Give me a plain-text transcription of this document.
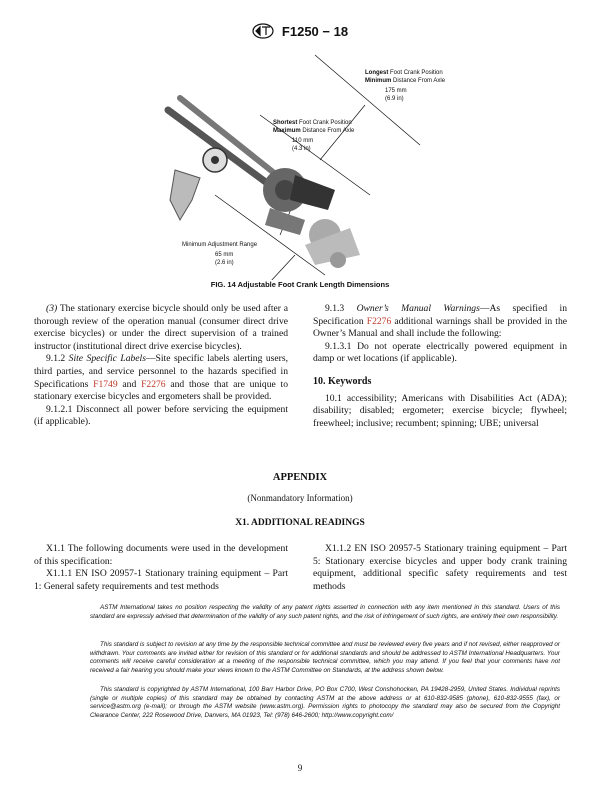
F1250 − 18
Longest Foot Crank Position
Minimum Distance From Axle
175 mm
(6.9 in)
Shortest Foot Crank Position
Maximum Distance From Axle
110 mm
(4.3 in)
Minimum Adjustment Range
65 mm
(2.6 in)
FIG. 14 Adjustable Foot Crank Length Dimensions

(3) The stationary exercise bicycle should only be used after a thorough review of the operation manual (consumer direct drive exercise bicycles) or under the direct supervision of a trained instructor (institutional direct drive exercise bicycles).

9.1.2 Site Specific Labels—Site specific labels alerting users, third parties, and service personnel to the hazards specified in Specifications F1749 and F2276 and those that are unique to stationary exercise bicycles and ergometers shall be provided.

9.1.2.1 Disconnect all power before servicing the equipment (if applicable).

9.1.3 Owner’s Manual Warnings—As specified in Specification F2276 additional warnings shall be provided in the Owner’s Manual and shall include the following:

9.1.3.1 Do not operate electrically powered equipment in damp or wet locations (if applicable).

10. Keywords

10.1 accessibility; Americans with Disabilities Act (ADA); disability; disabled; ergometer; exercise bicycle; flywheel; freewheel; inclusive; recumbent; spinning; UBE; universal

APPENDIX
(Nonmandatory Information)
X1. ADDITIONAL READINGS

X1.1 The following documents were used in the development of this specification:

X1.1.1 EN ISO 20957-1 Stationary training equipment – Part 1: General safety requirements and test methods

X1.1.2 EN ISO 20957-5 Stationary training equipment – Part 5: Stationary exercise bicycles and upper body crank training equipment, additional specific safety requirements and test methods

ASTM International takes no position respecting the validity of any patent rights asserted in connection with any item mentioned in this standard. Users of this standard are expressly advised that determination of the validity of any such patent rights, and the risk of infringement of such rights, are entirely their own responsibility.

This standard is subject to revision at any time by the responsible technical committee and must be reviewed every five years and if not revised, either reapproved or withdrawn. Your comments are invited either for revision of this standard or for additional standards and should be addressed to ASTM International Headquarters. Your comments will receive careful consideration at a meeting of the responsible technical committee, which you may attend. If you feel that your comments have not received a fair hearing you should make your views known to the ASTM Committee on Standards, at the address shown below.

This standard is copyrighted by ASTM International, 100 Barr Harbor Drive, PO Box C700, West Conshohocken, PA 19428-2959, United States. Individual reprints (single or multiple copies) of this standard may be obtained by contacting ASTM at the above address or at 610-832-9585 (phone), 610-832-9555 (fax), or service@astm.org (e-mail); or through the ASTM website (www.astm.org). Permission rights to photocopy the standard may also be secured from the Copyright Clearance Center, 222 Rosewood Drive, Danvers, MA 01923, Tel: (978) 646-2600; http://www.copyright.com/

9
